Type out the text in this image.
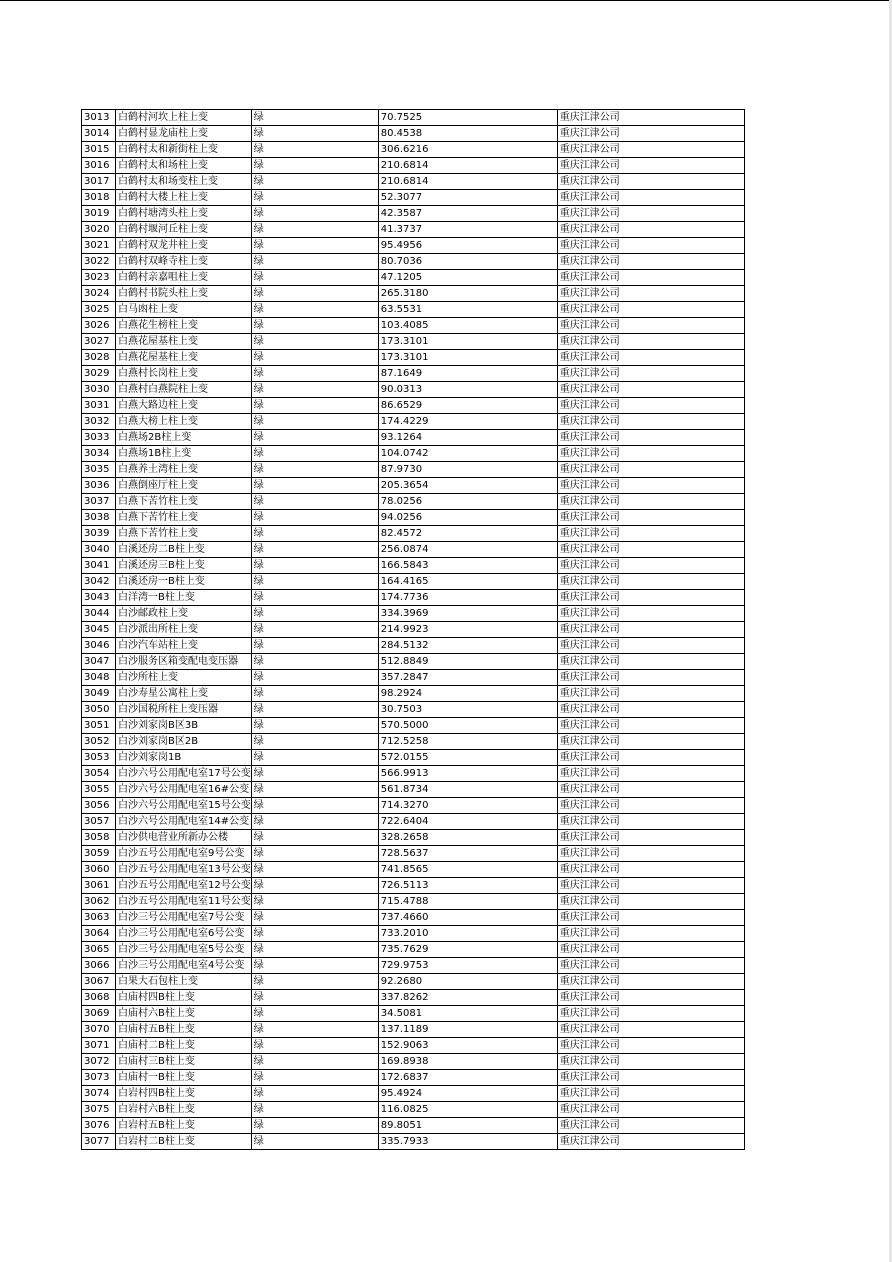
3013	白鹤村河坎上柱上变	绿	70.7525	重庆江津公司
3014	白鹤村显龙庙柱上变	绿	80.4538	重庆江津公司
3015	白鹤村太和新街柱上变	绿	306.6216	重庆江津公司
3016	白鹤村太和场柱上变	绿	210.6814	重庆江津公司
3017	白鹤村太和场变柱上变	绿	210.6814	重庆江津公司
3018	白鹤村大楼上柱上变	绿	52.3077	重庆江津公司
3019	白鹤村塘湾头柱上变	绿	42.3587	重庆江津公司
3020	白鹤村堰河丘柱上变	绿	41.3737	重庆江津公司
3021	白鹤村双龙井柱上变	绿	95.4956	重庆江津公司
3022	白鹤村双峰寺柱上变	绿	80.7036	重庆江津公司
3023	白鹤村亲嘉咀柱上变	绿	47.1205	重庆江津公司
3024	白鹤村书院头柱上变	绿	265.3180	重庆江津公司
3025	白马凼柱上变	绿	63.5531	重庆江津公司
3026	白燕花生榜柱上变	绿	103.4085	重庆江津公司
3027	白燕花屋基柱上变	绿	173.3101	重庆江津公司
3028	白燕花屋基柱上变	绿	173.3101	重庆江津公司
3029	白燕村长岗柱上变	绿	87.1649	重庆江津公司
3030	白燕村白燕院柱上变	绿	90.0313	重庆江津公司
3031	白燕大路边柱上变	绿	86.6529	重庆江津公司
3032	白燕大榜上柱上变	绿	174.4229	重庆江津公司
3033	白燕场2B柱上变	绿	93.1264	重庆江津公司
3034	白燕场1B柱上变	绿	104.0742	重庆江津公司
3035	白燕养土湾柱上变	绿	87.9730	重庆江津公司
3036	白燕倒座厅柱上变	绿	205.3654	重庆江津公司
3037	白燕下苦竹柱上变	绿	78.0256	重庆江津公司
3038	白燕下苦竹柱上变	绿	94.0256	重庆江津公司
3039	白燕下苦竹柱上变	绿	82.4572	重庆江津公司
3040	白溪还房二B柱上变	绿	256.0874	重庆江津公司
3041	白溪还房三B柱上变	绿	166.5843	重庆江津公司
3042	白溪还房一B柱上变	绿	164.4165	重庆江津公司
3043	白洋湾一B柱上变	绿	174.7736	重庆江津公司
3044	白沙邮政柱上变	绿	334.3969	重庆江津公司
3045	白沙派出所柱上变	绿	214.9923	重庆江津公司
3046	白沙汽车站柱上变	绿	284.5132	重庆江津公司
3047	白沙服务区箱变配电变压器	绿	512.8849	重庆江津公司
3048	白沙所柱上变	绿	357.2847	重庆江津公司
3049	白沙寿星公寓柱上变	绿	98.2924	重庆江津公司
3050	白沙国税所柱上变压器	绿	30.7503	重庆江津公司
3051	白沙刘家岗B区3B	绿	570.5000	重庆江津公司
3052	白沙刘家岗B区2B	绿	712.5258	重庆江津公司
3053	白沙刘家岗1B	绿	572.0155	重庆江津公司
3054	白沙六号公用配电室17号公变	绿	566.9913	重庆江津公司
3055	白沙六号公用配电室16#公变	绿	561.8734	重庆江津公司
3056	白沙六号公用配电室15号公变	绿	714.3270	重庆江津公司
3057	白沙六号公用配电室14#公变	绿	722.6404	重庆江津公司
3058	白沙供电营业所新办公楼	绿	328.2658	重庆江津公司
3059	白沙五号公用配电室9号公变	绿	728.5637	重庆江津公司
3060	白沙五号公用配电室13号公变	绿	741.8565	重庆江津公司
3061	白沙五号公用配电室12号公变	绿	726.5113	重庆江津公司
3062	白沙五号公用配电室11号公变	绿	715.4788	重庆江津公司
3063	白沙三号公用配电室7号公变	绿	737.4660	重庆江津公司
3064	白沙三号公用配电室6号公变	绿	733.2010	重庆江津公司
3065	白沙三号公用配电室5号公变	绿	735.7629	重庆江津公司
3066	白沙三号公用配电室4号公变	绿	729.9753	重庆江津公司
3067	白果大石包柱上变	绿	92.2680	重庆江津公司
3068	白庙村四B柱上变	绿	337.8262	重庆江津公司
3069	白庙村六B柱上变	绿	34.5081	重庆江津公司
3070	白庙村五B柱上变	绿	137.1189	重庆江津公司
3071	白庙村二B柱上变	绿	152.9063	重庆江津公司
3072	白庙村三B柱上变	绿	169.8938	重庆江津公司
3073	白庙村一B柱上变	绿	172.6837	重庆江津公司
3074	白岩村四B柱上变	绿	95.4924	重庆江津公司
3075	白岩村六B柱上变	绿	116.0825	重庆江津公司
3076	白岩村五B柱上变	绿	89.8051	重庆江津公司
3077	白岩村二B柱上变	绿	335.7933	重庆江津公司
